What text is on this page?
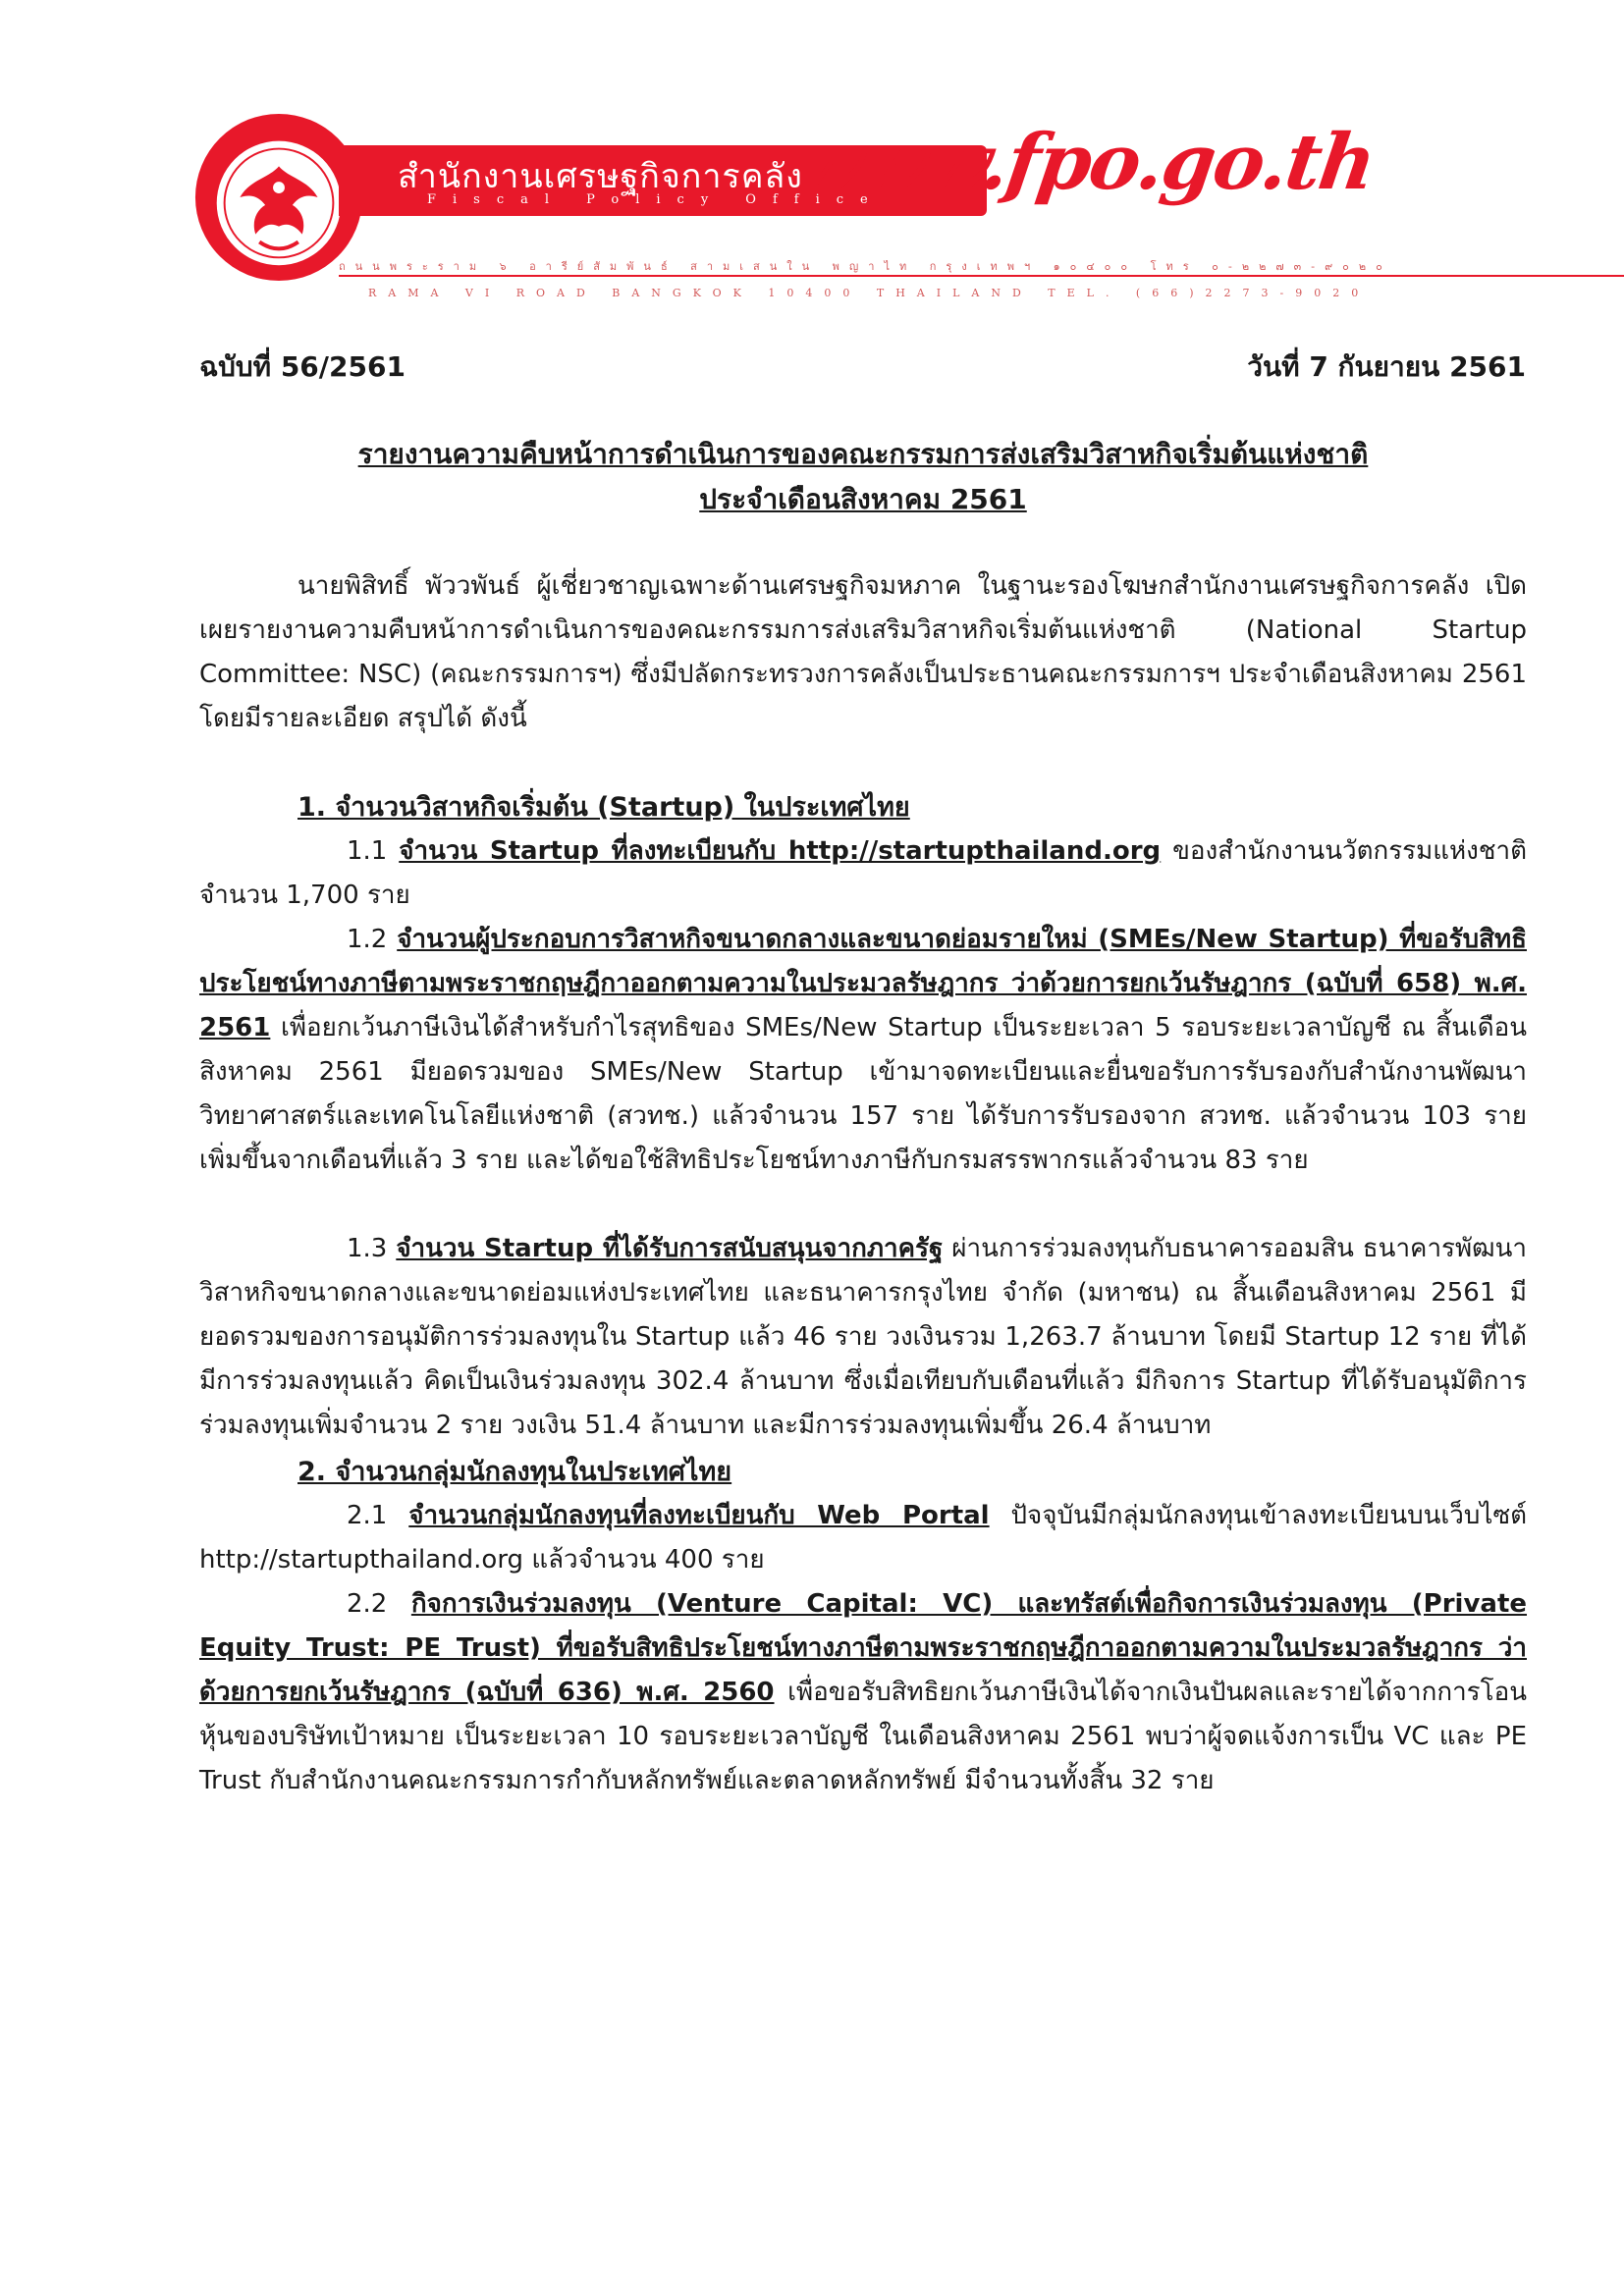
สำนักงานเศรษฐกิจการคลัง
Fiscal Policy Office
www.fpo.go.th
ถนนพระราม ๖ อารีย์สัมพันธ์ สามเสนใน พญาไท กรุงเทพฯ ๑๐๔๐๐ โทร ๐-๒๒๗๓-๙๐๒๐
RAMA VI ROAD BANGKOK 10400 THAILAND TEL. (66)2273-9020
ฉบับที่ 56/2561	วันที่ 7 กันยายน 2561
รายงานความคืบหน้าการดำเนินการของคณะกรรมการส่งเสริมวิสาหกิจเริ่มต้นแห่งชาติ
ประจำเดือนสิงหาคม 2561
นายพิสิทธิ์ พัววพันธ์ ผู้เชี่ยวชาญเฉพาะด้านเศรษฐกิจมหภาค ในฐานะรองโฆษกสำนักงานเศรษฐกิจการคลัง เปิดเผยรายงานความคืบหน้าการดำเนินการของคณะกรรมการส่งเสริมวิสาหกิจเริ่มต้นแห่งชาติ (National Startup Committee: NSC) (คณะกรรมการฯ) ซึ่งมีปลัดกระทรวงการคลังเป็นประธานคณะกรรมการฯ ประจำเดือนสิงหาคม 2561 โดยมีรายละเอียด สรุปได้ ดังนี้
1. จำนวนวิสาหกิจเริ่มต้น (Startup) ในประเทศไทย
1.1 จำนวน Startup ที่ลงทะเบียนกับ http://startupthailand.org ของสำนักงานนวัตกรรมแห่งชาติ จำนวน 1,700 ราย
1.2 จำนวนผู้ประกอบการวิสาหกิจขนาดกลางและขนาดย่อมรายใหม่ (SMEs/New Startup) ที่ขอรับสิทธิประโยชน์ทางภาษีตามพระราชกฤษฎีกาออกตามความในประมวลรัษฎากร ว่าด้วยการยกเว้นรัษฎากร (ฉบับที่ 658) พ.ศ. 2561 เพื่อยกเว้นภาษีเงินได้สำหรับกำไรสุทธิของ SMEs/New Startup เป็นระยะเวลา 5 รอบระยะเวลาบัญชี ณ สิ้นเดือนสิงหาคม 2561 มียอดรวมของ SMEs/New Startup เข้ามาจดทะเบียนและยื่นขอรับการรับรองกับสำนักงานพัฒนาวิทยาศาสตร์และเทคโนโลยีแห่งชาติ (สวทช.) แล้วจำนวน 157 ราย ได้รับการรับรองจาก สวทช. แล้วจำนวน 103 ราย เพิ่มขึ้นจากเดือนที่แล้ว 3 ราย และได้ขอใช้สิทธิประโยชน์ทางภาษีกับกรมสรรพากรแล้วจำนวน 83 ราย
1.3 จำนวน Startup ที่ได้รับการสนับสนุนจากภาครัฐ ผ่านการร่วมลงทุนกับธนาคารออมสิน ธนาคารพัฒนาวิสาหกิจขนาดกลางและขนาดย่อมแห่งประเทศไทย และธนาคารกรุงไทย จำกัด (มหาชน) ณ สิ้นเดือนสิงหาคม 2561 มียอดรวมของการอนุมัติการร่วมลงทุนใน Startup แล้ว 46 ราย วงเงินรวม 1,263.7 ล้านบาท โดยมี Startup 12 ราย ที่ได้มีการร่วมลงทุนแล้ว คิดเป็นเงินร่วมลงทุน 302.4 ล้านบาท ซึ่งเมื่อเทียบกับเดือนที่แล้ว มีกิจการ Startup ที่ได้รับอนุมัติการร่วมลงทุนเพิ่มจำนวน 2 ราย วงเงิน 51.4 ล้านบาท และมีการร่วมลงทุนเพิ่มขึ้น 26.4 ล้านบาท
2. จำนวนกลุ่มนักลงทุนในประเทศไทย
2.1 จำนวนกลุ่มนักลงทุนที่ลงทะเบียนกับ Web Portal ปัจจุบันมีกลุ่มนักลงทุนเข้าลงทะเบียนบนเว็บไซต์ http://startupthailand.org แล้วจำนวน 400 ราย
2.2 กิจการเงินร่วมลงทุน (Venture Capital: VC) และทรัสต์เพื่อกิจการเงินร่วมลงทุน (Private Equity Trust: PE Trust) ที่ขอรับสิทธิประโยชน์ทางภาษีตามพระราชกฤษฎีกาออกตามความในประมวลรัษฎากร ว่าด้วยการยกเว้นรัษฎากร (ฉบับที่ 636) พ.ศ. 2560 เพื่อขอรับสิทธิยกเว้นภาษีเงินได้จากเงินปันผลและรายได้จากการโอนหุ้นของบริษัทเป้าหมาย เป็นระยะเวลา 10 รอบระยะเวลาบัญชี ในเดือนสิงหาคม 2561 พบว่าผู้จดแจ้งการเป็น VC และ PE Trust กับสำนักงานคณะกรรมการกำกับหลักทรัพย์และตลาดหลักทรัพย์ มีจำนวนทั้งสิ้น 32 ราย
